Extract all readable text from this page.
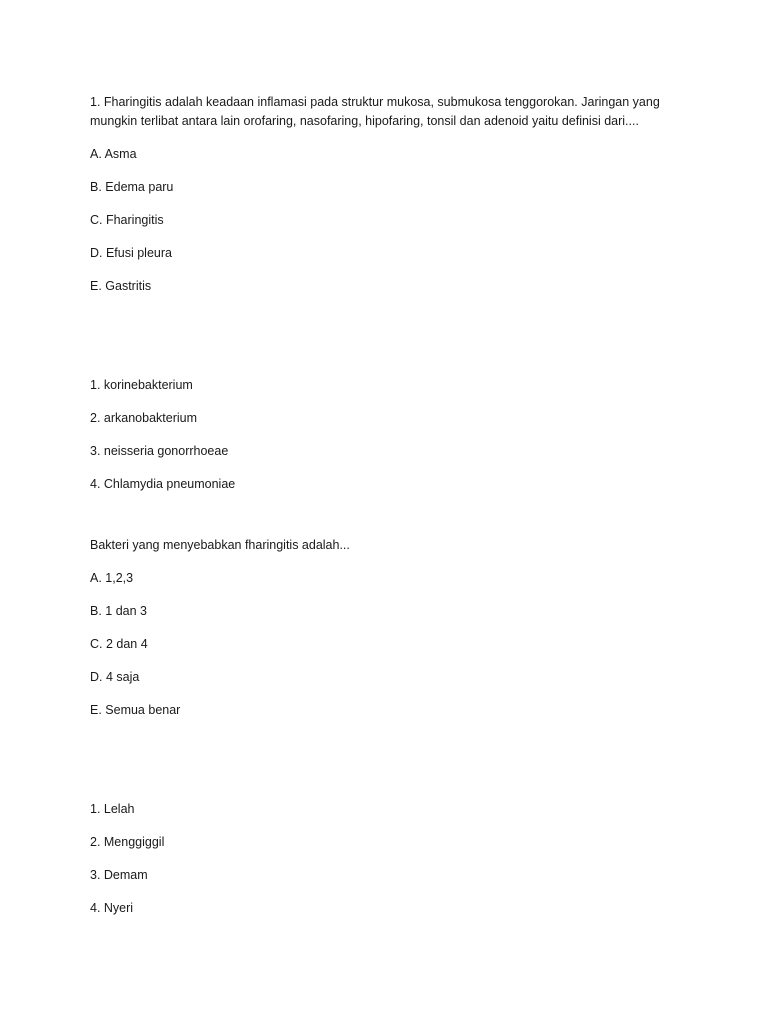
1. Fharingitis adalah keadaan inflamasi pada struktur mukosa, submukosa tenggorokan. Jaringan yang mungkin terlibat antara lain orofaring, nasofaring, hipofaring, tonsil dan adenoid yaitu definisi dari....

A. Asma

B. Edema paru

C. Fharingitis

D. Efusi pleura

E. Gastritis

1. korinebakterium

2. arkanobakterium

3. neisseria gonorrhoeae

4. Chlamydia pneumoniae

Bakteri yang menyebabkan fharingitis adalah...

A. 1,2,3

B. 1 dan 3

C. 2 dan 4

D. 4 saja

E. Semua benar

1. Lelah

2. Menggiggil

3. Demam

4. Nyeri
